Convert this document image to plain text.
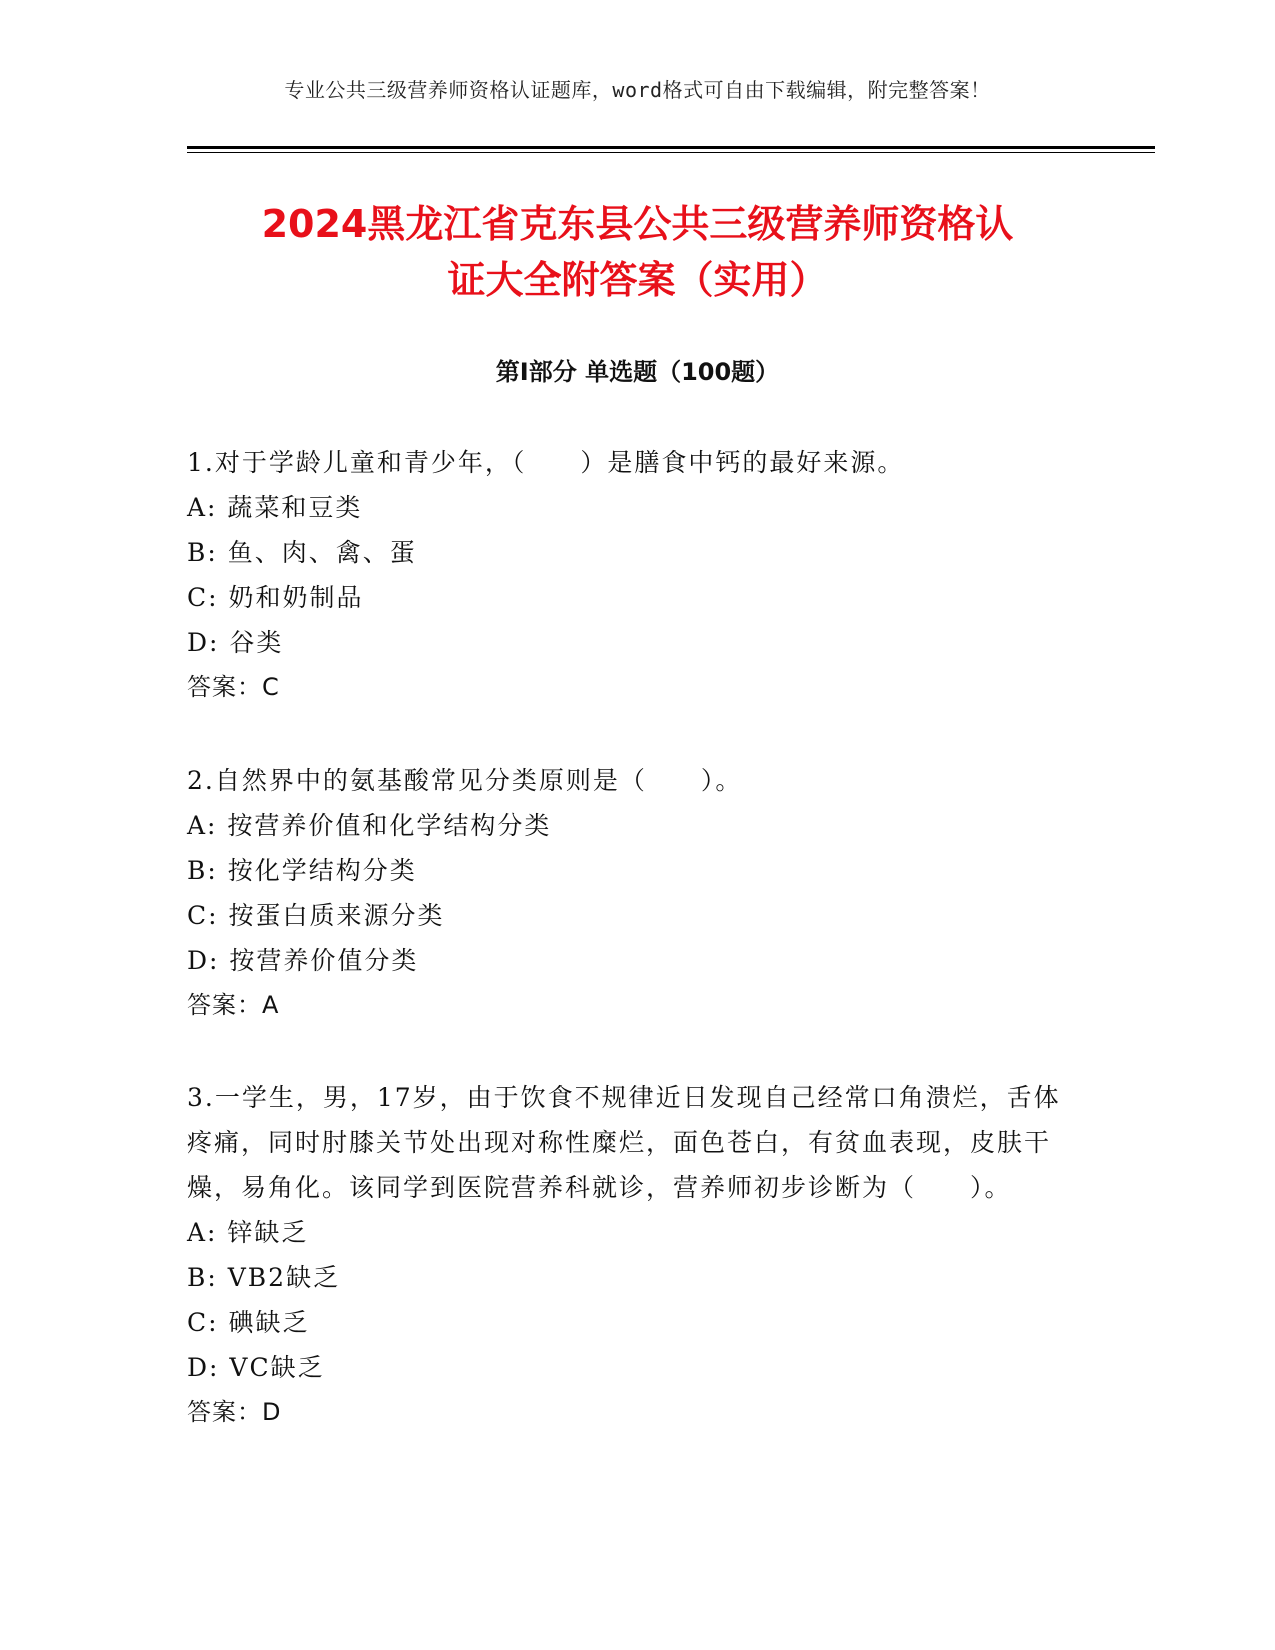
专业公共三级营养师资格认证题库，word格式可自由下载编辑，附完整答案！
2024黑龙江省克东县公共三级营养师资格认
证大全附答案（实用）
第I部分 单选题（100题）

1.对于学龄儿童和青少年，（　　）是膳食中钙的最好来源。

A: 蔬菜和豆类
B: 鱼、肉、禽、蛋
C: 奶和奶制品
D: 谷类
答案：C

2.自然界中的氨基酸常见分类原则是（　　）。

A: 按营养价值和化学结构分类
B: 按化学结构分类
C: 按蛋白质来源分类
D: 按营养价值分类
答案：A

3.一学生，男，17岁，由于饮食不规律近日发现自己经常口角溃烂，舌体疼痛，同时肘膝关节处出现对称性糜烂，面色苍白，有贫血表现，皮肤干燥，易角化。该同学到医院营养科就诊，营养师初步诊断为（　　）。

A: 锌缺乏
B: VB2缺乏
C: 碘缺乏
D: VC缺乏
答案：D
